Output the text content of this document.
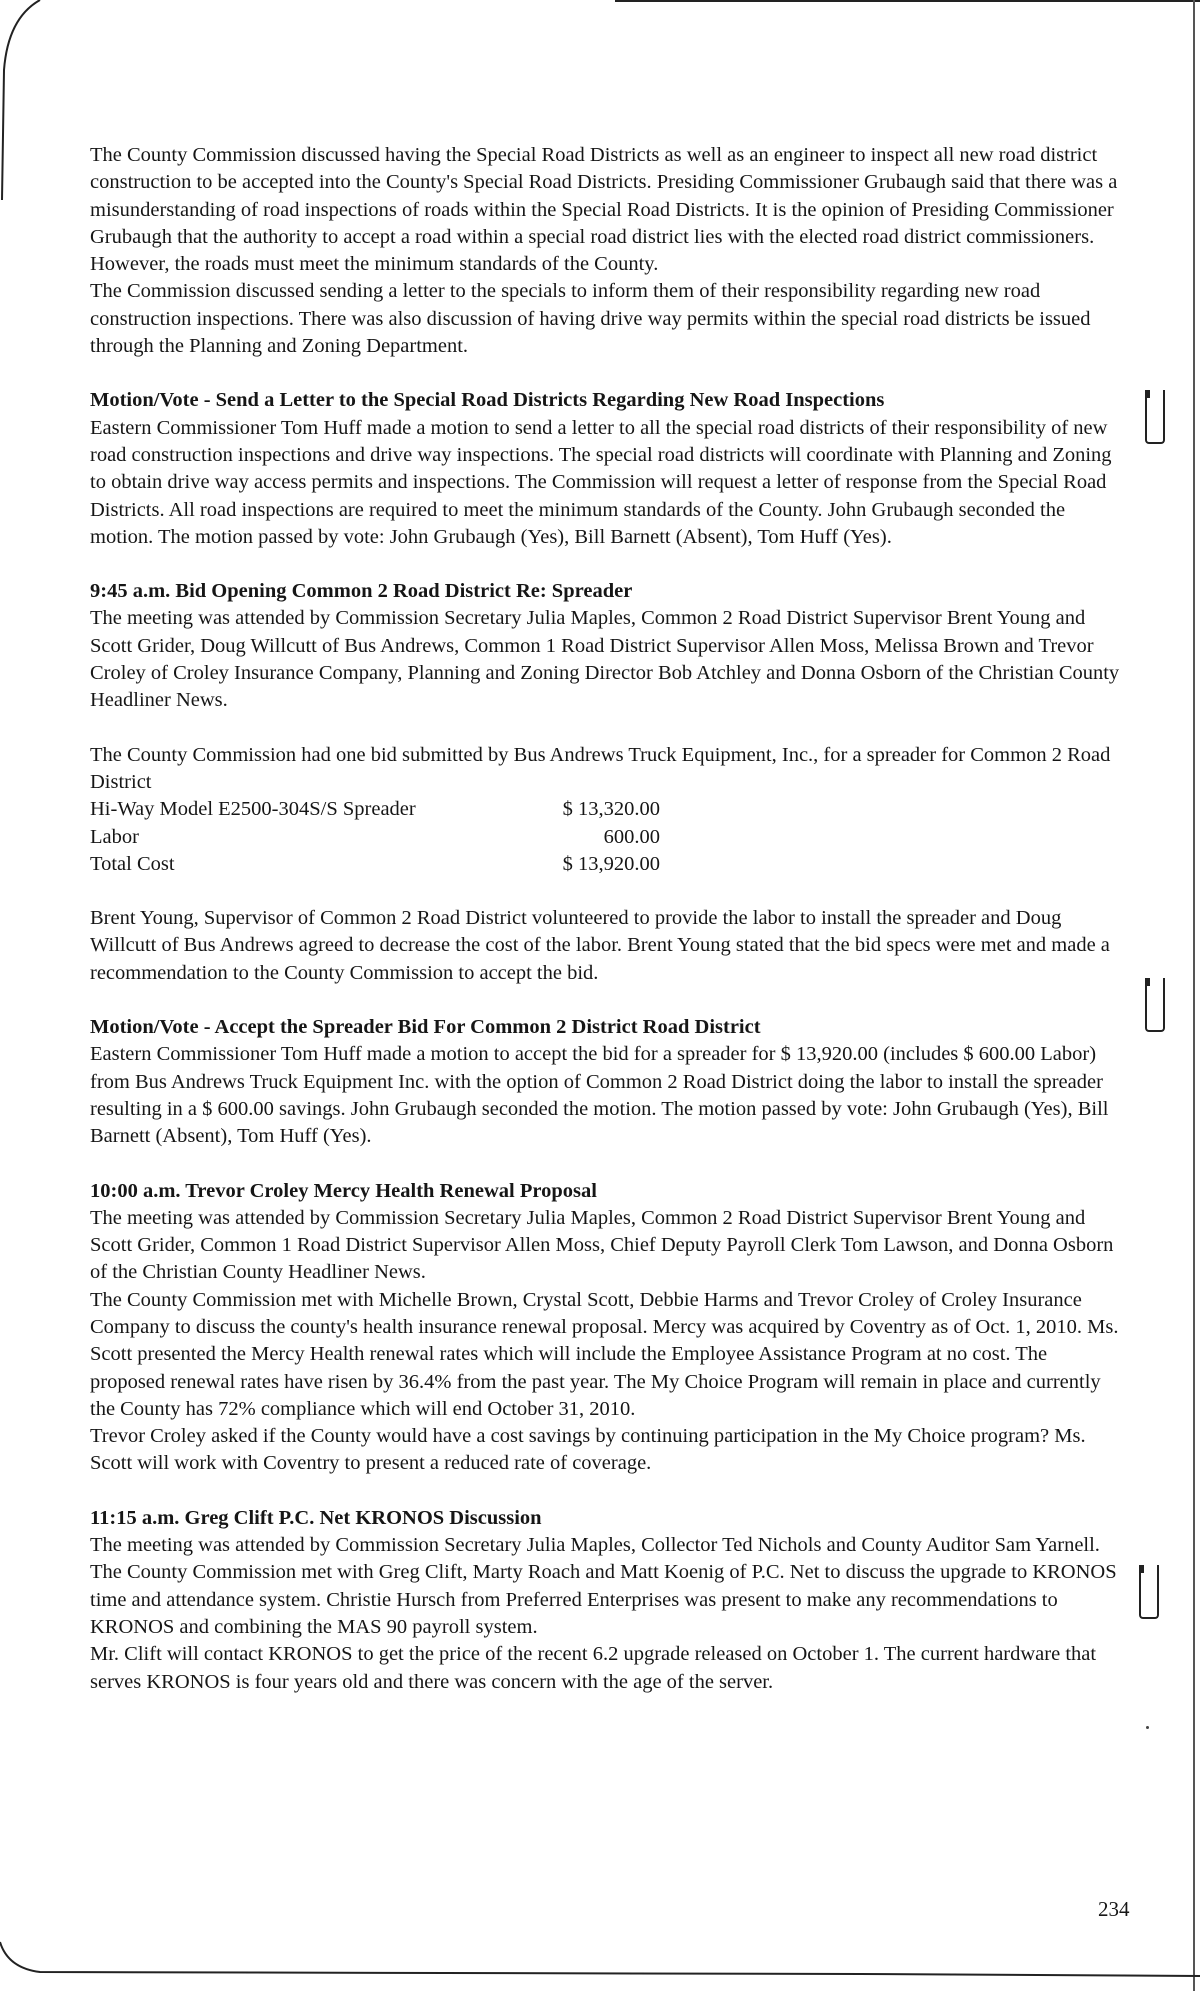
The County Commission discussed having the Special Road Districts as well as an engineer to inspect all new road district construction to be accepted into the County's Special Road Districts. Presiding Commissioner Grubaugh said that there was a misunderstanding of road inspections of roads within the Special Road Districts. It is the opinion of Presiding Commissioner Grubaugh that the authority to accept a road within a special road district lies with the elected road district commissioners. However, the roads must meet the minimum standards of the County.

The Commission discussed sending a letter to the specials to inform them of their responsibility regarding new road construction inspections. There was also discussion of having drive way permits within the special road districts be issued through the Planning and Zoning Department.

Motion/Vote - Send a Letter to the Special Road Districts Regarding New Road Inspections

Eastern Commissioner Tom Huff made a motion to send a letter to all the special road districts of their responsibility of new road construction inspections and drive way inspections. The special road districts will coordinate with Planning and Zoning to obtain drive way access permits and inspections. The Commission will request a letter of response from the Special Road Districts. All road inspections are required to meet the minimum standards of the County. John Grubaugh seconded the motion. The motion passed by vote: John Grubaugh (Yes), Bill Barnett (Absent), Tom Huff (Yes).

9:45 a.m. Bid Opening Common 2 Road District Re: Spreader

The meeting was attended by Commission Secretary Julia Maples, Common 2 Road District Supervisor Brent Young and Scott Grider, Doug Willcutt of Bus Andrews, Common 1 Road District Supervisor Allen Moss, Melissa Brown and Trevor Croley of Croley Insurance Company, Planning and Zoning Director Bob Atchley and Donna Osborn of the Christian County Headliner News.

The County Commission had one bid submitted by Bus Andrews Truck Equipment, Inc., for a spreader for Common 2 Road District

Hi-Way Model E2500-304S/S Spreader	$ 13,320.00
Labor	600.00
Total Cost	$ 13,920.00

Brent Young, Supervisor of Common 2 Road District volunteered to provide the labor to install the spreader and Doug Willcutt of Bus Andrews agreed to decrease the cost of the labor. Brent Young stated that the bid specs were met and made a recommendation to the County Commission to accept the bid.

Motion/Vote - Accept the Spreader Bid For Common 2 District Road District

Eastern Commissioner Tom Huff made a motion to accept the bid for a spreader for $ 13,920.00 (includes $ 600.00 Labor) from Bus Andrews Truck Equipment Inc. with the option of Common 2 Road District doing the labor to install the spreader resulting in a $ 600.00 savings. John Grubaugh seconded the motion. The motion passed by vote: John Grubaugh (Yes), Bill Barnett (Absent), Tom Huff (Yes).

10:00 a.m. Trevor Croley Mercy Health Renewal Proposal

The meeting was attended by Commission Secretary Julia Maples, Common 2 Road District Supervisor Brent Young and Scott Grider, Common 1 Road District Supervisor Allen Moss, Chief Deputy Payroll Clerk Tom Lawson, and Donna Osborn of the Christian County Headliner News.

The County Commission met with Michelle Brown, Crystal Scott, Debbie Harms and Trevor Croley of Croley Insurance Company to discuss the county's health insurance renewal proposal. Mercy was acquired by Coventry as of Oct. 1, 2010. Ms. Scott presented the Mercy Health renewal rates which will include the Employee Assistance Program at no cost. The proposed renewal rates have risen by 36.4% from the past year. The My Choice Program will remain in place and currently the County has 72% compliance which will end October 31, 2010.

Trevor Croley asked if the County would have a cost savings by continuing participation in the My Choice program? Ms. Scott will work with Coventry to present a reduced rate of coverage.

11:15 a.m. Greg Clift P.C. Net KRONOS Discussion

The meeting was attended by Commission Secretary Julia Maples, Collector Ted Nichols and County Auditor Sam Yarnell.

The County Commission met with Greg Clift, Marty Roach and Matt Koenig of P.C. Net to discuss the upgrade to KRONOS time and attendance system. Christie Hursch from Preferred Enterprises was present to make any recommendations to KRONOS and combining the MAS 90 payroll system.

Mr. Clift will contact KRONOS to get the price of the recent 6.2 upgrade released on October 1. The current hardware that serves KRONOS is four years old and there was concern with the age of the server.

234
